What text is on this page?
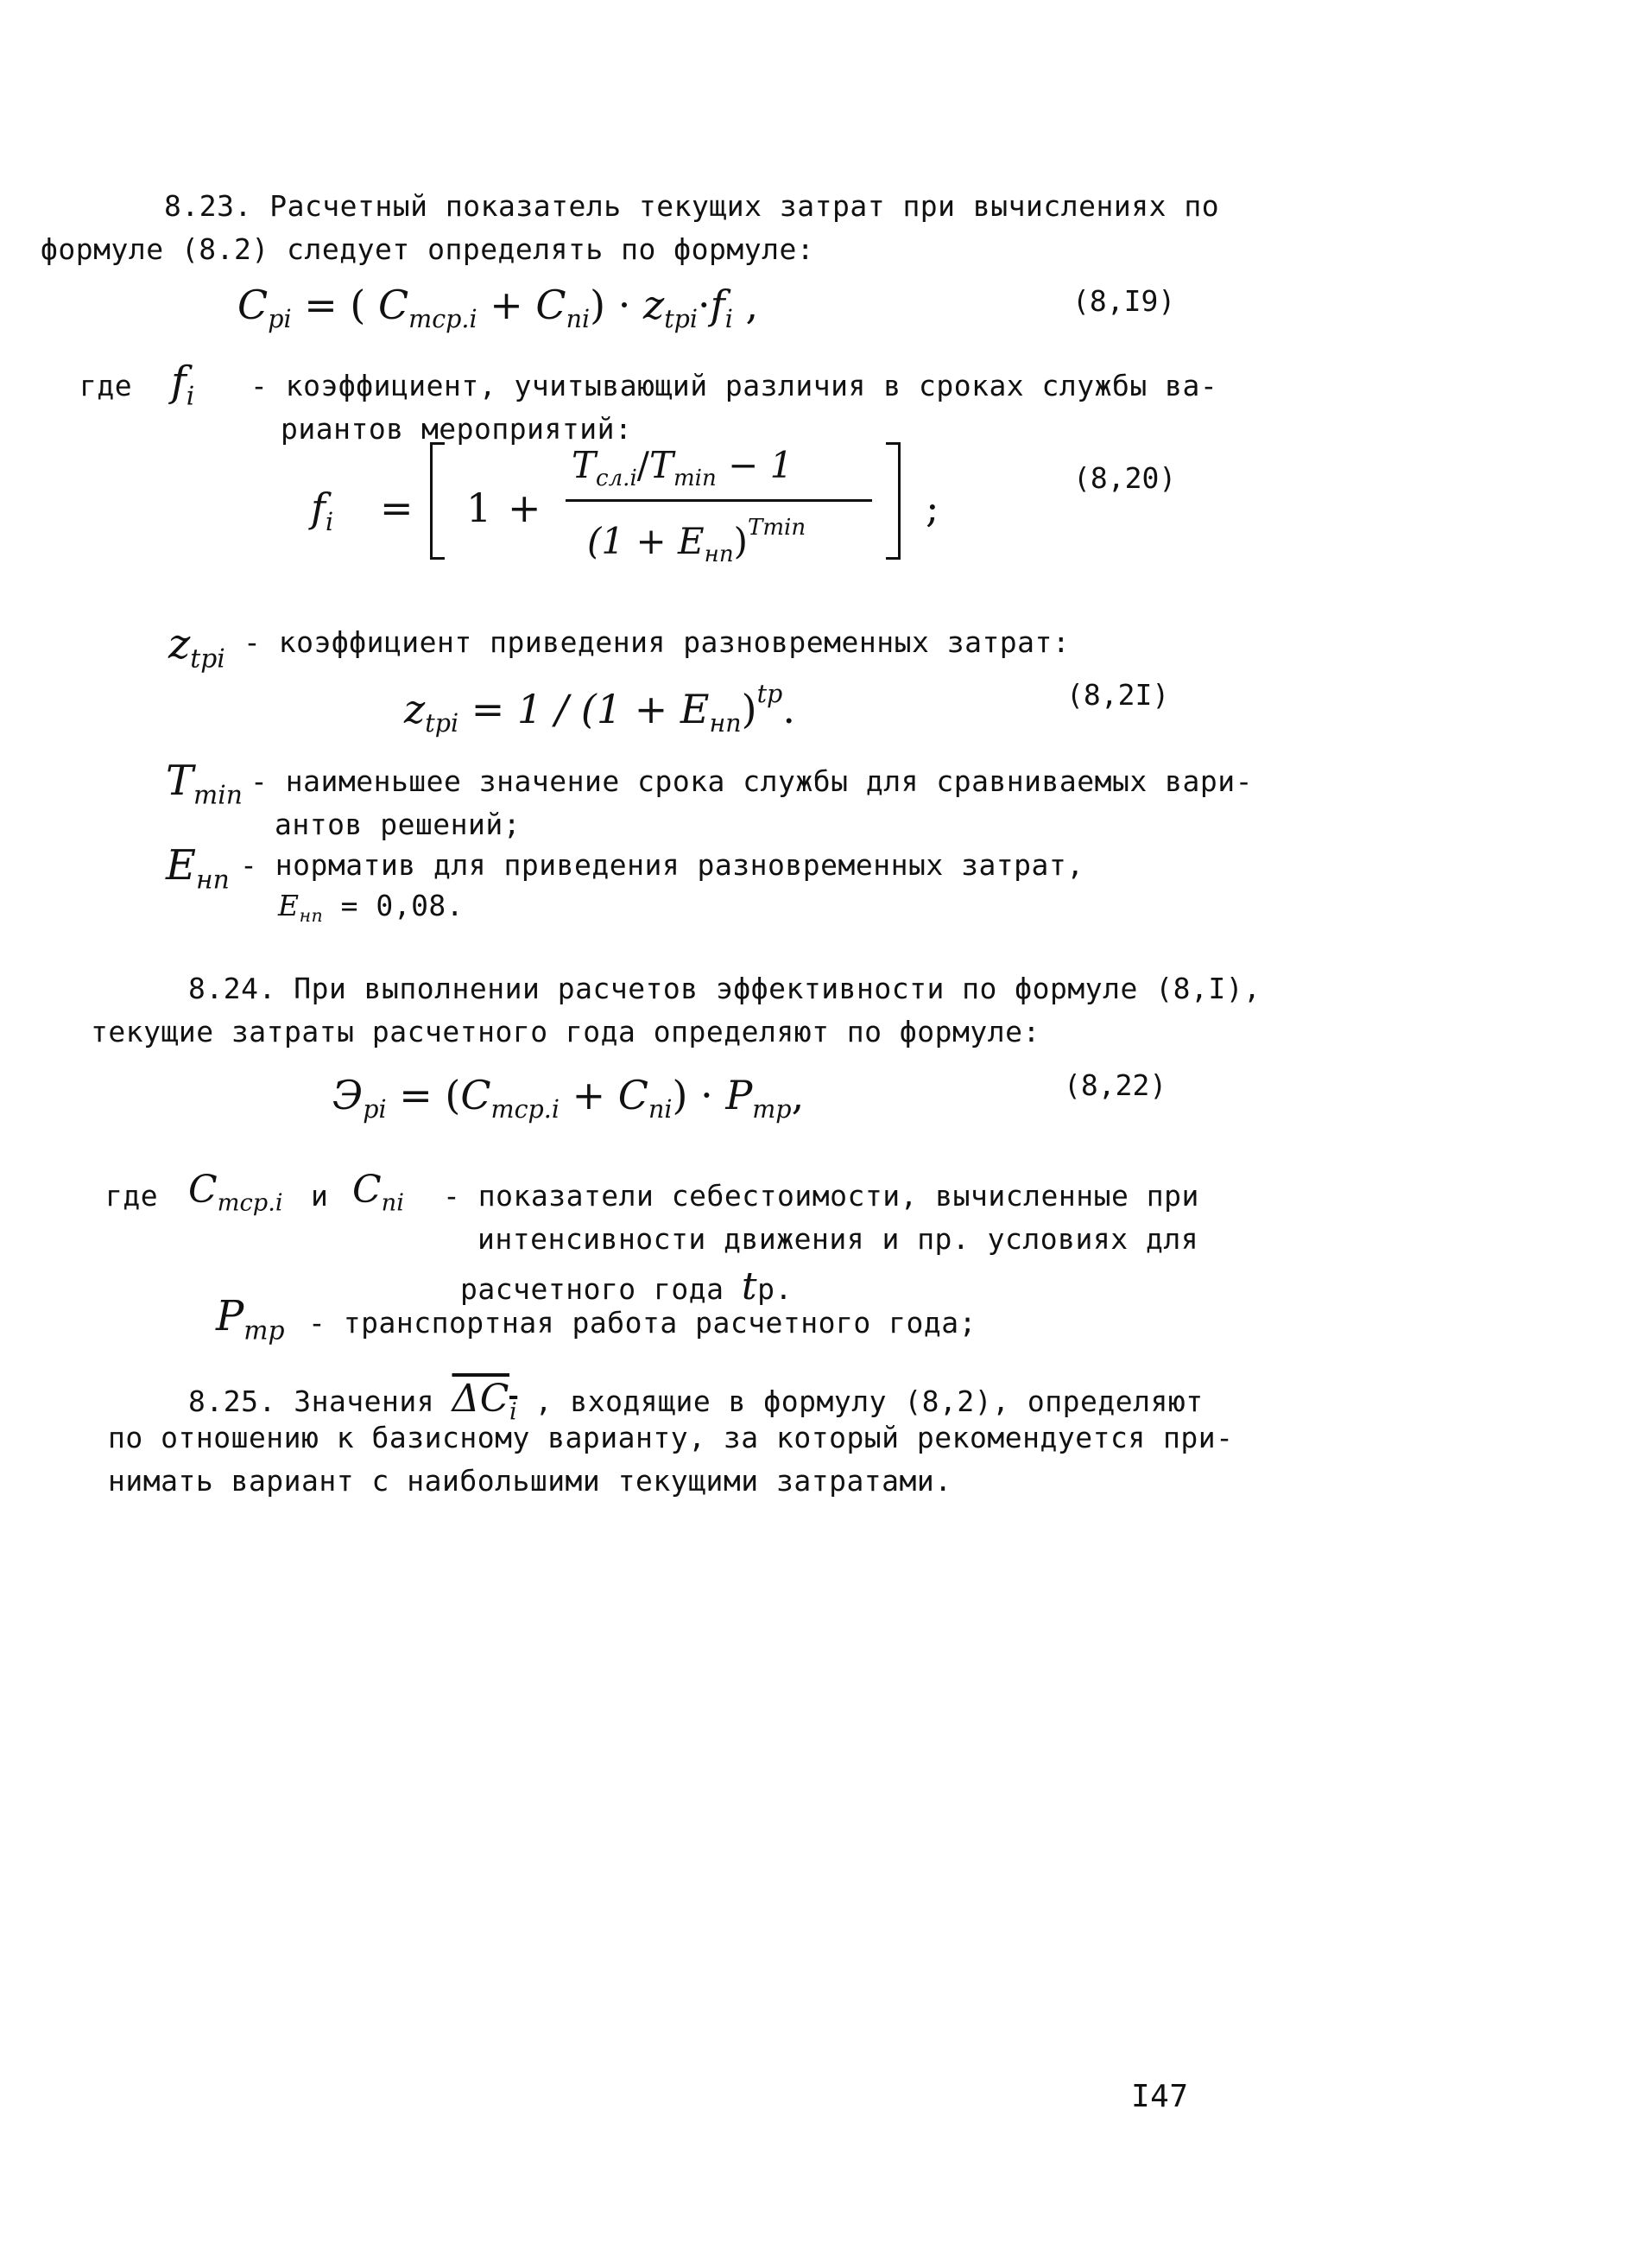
8.23. Расчетный показатель текущих затрат при вычислениях по
формуле (8.2) следует определять по формуле:
$C_{pi}$ = ( $C_{тср.i} + C_{пi}) \cdot z_{tpi}\cdot f_i$ ,	(8,I9)
где $f_i$ - коэффициент, учитывающий различия в сроках службы ва-
риантов мероприятий:
$f_i = 1$ +
$T_{сл.i}/T_{min} - 1$
$(1 + E_{нп})^{Tmin}$	;
(8,20)
$z_{tpi}$ - коэффициент приведения разновременных затрат:
$z_{tpi} = 1 / (1 + E_{нп})^{tp}$.	(8,2I)
$T_{min}$ - наименьшее значение срока службы для сравниваемых вари-
антов решений;
$E_{нп}$ - норматив для приведения разновременных затрат,
$E_{нп} = 0,08$.
8.24. При выполнении расчетов эффективности по формуле (8,I),
текущие затраты расчетного года определяют по формуле:
$Э_{pi} = (C_{тср.i} + C_{пi}) \cdot P_{тр}$,	(8,22)
где $C_{тср.i}$ и $C_{пi}$ - показатели себестоимости, вычисленные при
интенсивности движения и пр. условиях для
расчетного года tр.
$P_{тр}$ - транспортная работа расчетного года;
8.25. Значения $\Delta C_i$ , входящие в формулу (8,2), определяют
по отношению к базисному варианту, за который рекомендуется при-
нимать вариант с наибольшими текущими затратами.
I47
